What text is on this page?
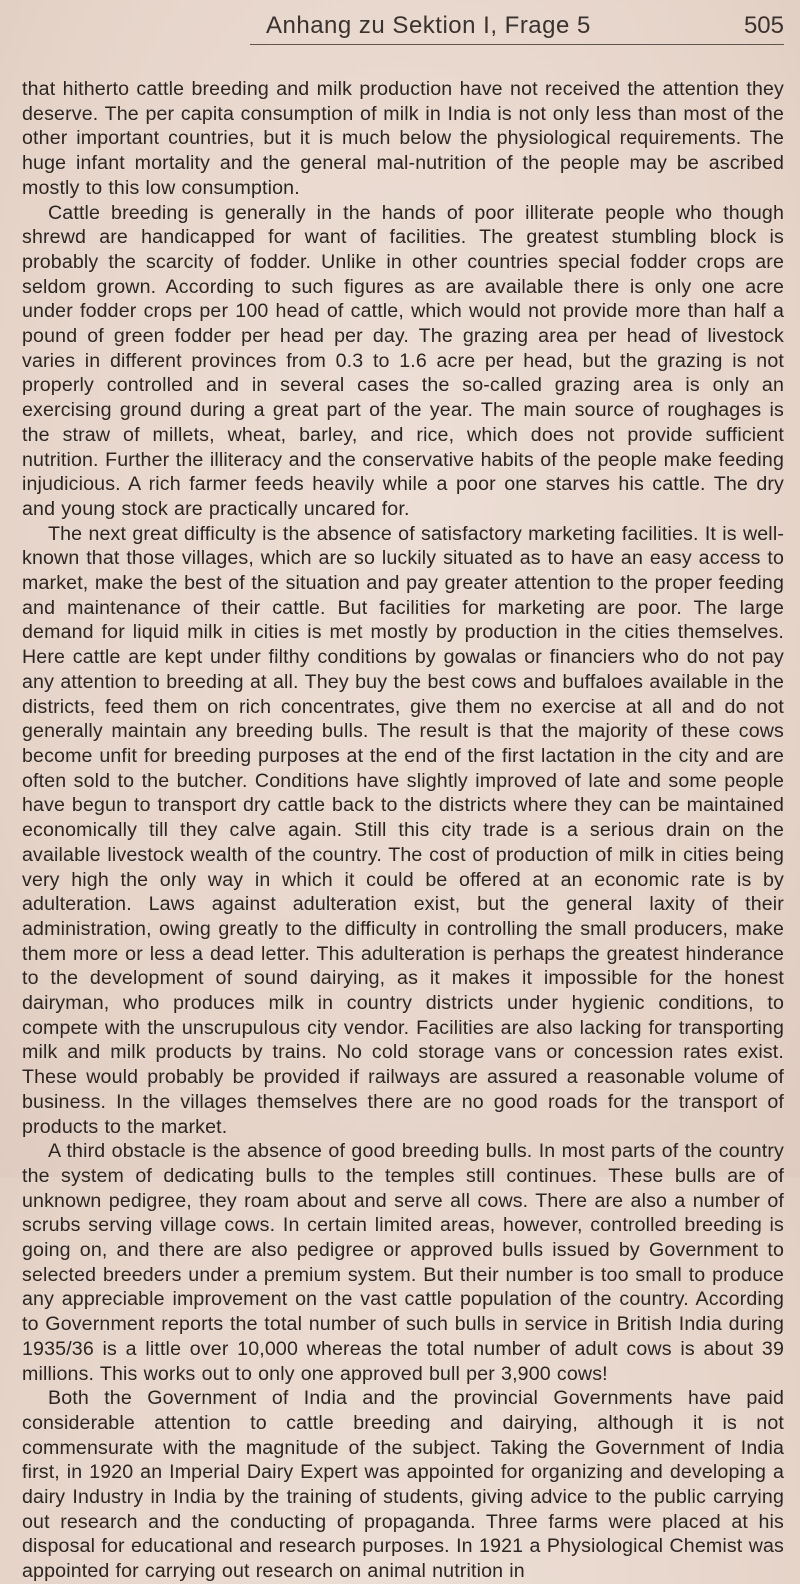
Anhang zu Sektion I, Frage 5	505

that hitherto cattle breeding and milk production have not received the attention they deserve. The per capita consumption of milk in India is not only less than most of the other important countries, but it is much below the physiological requirements. The huge infant mortality and the general mal-nutrition of the people may be ascribed mostly to this low consumption.

Cattle breeding is generally in the hands of poor illiterate people who though shrewd are handicapped for want of facilities. The greatest stumbling block is probably the scarcity of fodder. Unlike in other countries special fodder crops are seldom grown. According to such figures as are available there is only one acre under fodder crops per 100 head of cattle, which would not provide more than half a pound of green fodder per head per day. The grazing area per head of livestock varies in different provinces from 0.3 to 1.6 acre per head, but the grazing is not properly controlled and in several cases the so-called grazing area is only an exercising ground during a great part of the year. The main source of roughages is the straw of millets, wheat, barley, and rice, which does not provide sufficient nutrition. Further the illiteracy and the conservative habits of the people make feeding injudicious. A rich farmer feeds heavily while a poor one starves his cattle. The dry and young stock are practically uncared for.

The next great difficulty is the absence of satisfactory marketing facilities. It is well-known that those villages, which are so luckily situated as to have an easy access to market, make the best of the situation and pay greater attention to the proper feeding and maintenance of their cattle. But facilities for marketing are poor. The large demand for liquid milk in cities is met mostly by production in the cities themselves. Here cattle are kept under filthy conditions by gowalas or financiers who do not pay any attention to breeding at all. They buy the best cows and buffaloes available in the districts, feed them on rich concentrates, give them no exercise at all and do not generally maintain any breeding bulls. The result is that the majority of these cows become unfit for breeding purposes at the end of the first lactation in the city and are often sold to the butcher. Conditions have slightly improved of late and some people have begun to transport dry cattle back to the districts where they can be maintained economically till they calve again. Still this city trade is a serious drain on the available livestock wealth of the country. The cost of production of milk in cities being very high the only way in which it could be offered at an economic rate is by adulteration. Laws against adulteration exist, but the general laxity of their administration, owing greatly to the difficulty in controlling the small producers, make them more or less a dead letter. This adulteration is perhaps the greatest hinderance to the development of sound dairying, as it makes it impossible for the honest dairyman, who produces milk in country districts under hygienic conditions, to compete with the unscrupulous city vendor. Facilities are also lacking for transporting milk and milk products by trains. No cold storage vans or concession rates exist. These would probably be provided if railways are assured a reasonable volume of business. In the villages themselves there are no good roads for the transport of products to the market.

A third obstacle is the absence of good breeding bulls. In most parts of the country the system of dedicating bulls to the temples still continues. These bulls are of unknown pedigree, they roam about and serve all cows. There are also a number of scrubs serving village cows. In certain limited areas, however, controlled breeding is going on, and there are also pedigree or approved bulls issued by Government to selected breeders under a premium system. But their number is too small to produce any appreciable improvement on the vast cattle population of the country. According to Government reports the total number of such bulls in service in British India during 1935/36 is a little over 10,000 whereas the total number of adult cows is about 39 millions. This works out to only one approved bull per 3,900 cows!

Both the Government of India and the provincial Governments have paid considerable attention to cattle breeding and dairying, although it is not commensurate with the magnitude of the subject. Taking the Government of India first, in 1920 an Imperial Dairy Expert was appointed for organizing and developing a dairy Industry in India by the training of students, giving advice to the public carrying out research and the conducting of propaganda. Three farms were placed at his disposal for educational and research purposes. In 1921 a Physiological Chemist was appointed for carrying out research on animal nutrition in
